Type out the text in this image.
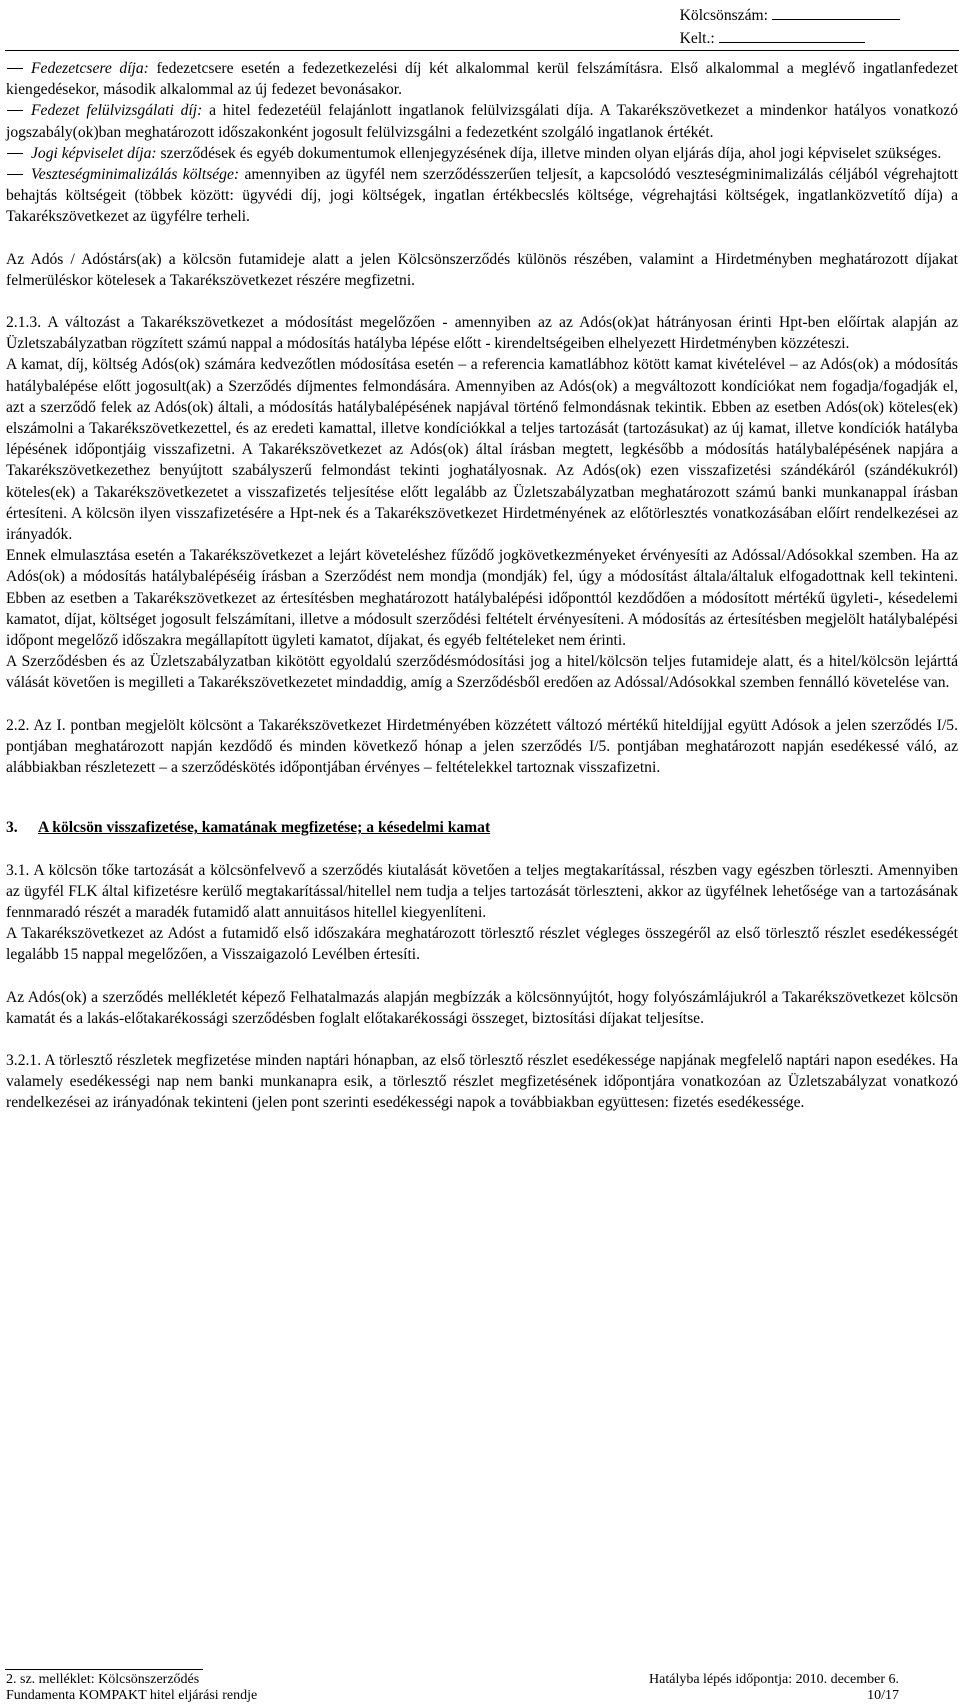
Kölcsönszám:
Kelt.:

Fedezetcsere díja: fedezetcsere esetén a fedezetkezelési díj két alkalommal kerül felszámításra. Első alkalommal a meglévő ingatlanfedezet kiengedésekor, második alkalommal az új fedezet bevonásakor.

Fedezet felülvizsgálati díj: a hitel fedezetéül felajánlott ingatlanok felülvizsgálati díja. A Takarékszövetkezet a mindenkor hatályos vonatkozó jogszabály(ok)ban meghatározott időszakonként jogosult felülvizsgálni a fedezetként szolgáló ingatlanok értékét.

Jogi képviselet díja: szerződések és egyéb dokumentumok ellenjegyzésének díja, illetve minden olyan eljárás díja, ahol jogi képviselet szükséges.

Veszteségminimalizálás költsége: amennyiben az ügyfél nem szerződésszerűen teljesít, a kapcsolódó veszteségminimalizálás céljából végrehajtott behajtás költségeit (többek között: ügyvédi díj, jogi költségek, ingatlan értékbecslés költsége, végrehajtási költségek, ingatlanközvetítő díja) a Takarékszövetkezet az ügyfélre terheli.

Az Adós / Adóstárs(ak) a kölcsön futamideje alatt a jelen Kölcsönszerződés különös részében, valamint a Hirdetményben meghatározott díjakat felmerüléskor kötelesek a Takarékszövetkezet részére megfizetni.

2.1.3. A változást a Takarékszövetkezet a módosítást megelőzően - amennyiben az az Adós(ok)at hátrányosan érinti Hpt-ben előírtak alapján az Üzletszabályzatban rögzített számú nappal a módosítás hatályba lépése előtt - kirendeltségeiben elhelyezett Hirdetményben közzéteszi.

A kamat, díj, költség Adós(ok) számára kedvezőtlen módosítása esetén – a referencia kamatlábhoz kötött kamat kivételével – az Adós(ok) a módosítás hatálybalépése előtt jogosult(ak) a Szerződés díjmentes felmondására. Amennyiben az Adós(ok) a megváltozott kondíciókat nem fogadja/fogadják el, azt a szerződő felek az Adós(ok) általi, a módosítás hatálybalépésének napjával történő felmondásnak tekintik. Ebben az esetben Adós(ok) köteles(ek) elszámolni a Takarékszövetkezettel, és az eredeti kamattal, illetve kondíciókkal a teljes tartozását (tartozásukat) az új kamat, illetve kondíciók hatályba lépésének időpontjáig visszafizetni. A Takarékszövetkezet az Adós(ok) által írásban megtett, legkésőbb a módosítás hatálybalépésének napjára a Takarékszövetkezethez benyújtott szabályszerű felmondást tekinti joghatályosnak. Az Adós(ok) ezen visszafizetési szándékáról (szándékukról) köteles(ek) a Takarékszövetkezetet a visszafizetés teljesítése előtt legalább az Üzletszabályzatban meghatározott számú banki munkanappal írásban értesíteni. A kölcsön ilyen visszafizetésére a Hpt-nek és a Takarékszövetkezet Hirdetményének az előtörlesztés vonatkozásában előírt rendelkezései az irányadók.

Ennek elmulasztása esetén a Takarékszövetkezet a lejárt követeléshez fűződő jogkövetkezményeket érvényesíti az Adóssal/Adósokkal szemben. Ha az Adós(ok) a módosítás hatálybalépéséig írásban a Szerződést nem mondja (mondják) fel, úgy a módosítást általa/általuk elfogadottnak kell tekinteni. Ebben az esetben a Takarékszövetkezet az értesítésben meghatározott hatálybalépési időponttól kezdődően a módosított mértékű ügyleti-, késedelemi kamatot, díjat, költséget jogosult felszámítani, illetve a módosult szerződési feltételt érvényesíteni. A módosítás az értesítésben megjelölt hatálybalépési időpont megelőző időszakra megállapított ügyleti kamatot, díjakat, és egyéb feltételeket nem érinti.

A Szerződésben és az Üzletszabályzatban kikötött egyoldalú szerződésmódosítási jog a hitel/kölcsön teljes futamideje alatt, és a hitel/kölcsön lejárttá válását követően is megilleti a Takarékszövetkezetet mindaddig, amíg a Szerződésből eredően az Adóssal/Adósokkal szemben fennálló követelése van.

2.2. Az I. pontban megjelölt kölcsönt a Takarékszövetkezet Hirdetményében közzétett változó mértékű hiteldíjjal együtt Adósok a jelen szerződés I/5. pontjában meghatározott napján kezdődő és minden következő hónap a jelen szerződés I/5. pontjában meghatározott napján esedékessé váló, az alábbiakban részletezett – a szerződéskötés időpontjában érvényes – feltételekkel tartoznak visszafizetni.

3. A kölcsön visszafizetése, kamatának megfizetése; a késedelmi kamat

3.1. A kölcsön tőke tartozását a kölcsönfelvevő a szerződés kiutalását követően a teljes megtakarítással, részben vagy egészben törleszti. Amennyiben az ügyfél FLK által kifizetésre kerülő megtakarítással/hitellel nem tudja a teljes tartozását törleszteni, akkor az ügyfélnek lehetősége van a tartozásának fennmaradó részét a maradék futamidő alatt annuitásos hitellel kiegyenlíteni.

A Takarékszövetkezet az Adóst a futamidő első időszakára meghatározott törlesztő részlet végleges összegéről az első törlesztő részlet esedékességét legalább 15 nappal megelőzően, a Visszaigazoló Levélben értesíti.

Az Adós(ok) a szerződés mellékletét képező Felhatalmazás alapján megbízzák a kölcsönnyújtót, hogy folyószámlájukról a Takarékszövetkezet kölcsön kamatát és a lakás-előtakarékossági szerződésben foglalt előtakarékossági összeget, biztosítási díjakat teljesítse.

3.2.1. A törlesztő részletek megfizetése minden naptári hónapban, az első törlesztő részlet esedékessége napjának megfelelő naptári napon esedékes. Ha valamely esedékességi nap nem banki munkanapra esik, a törlesztő részlet megfizetésének időpontjára vonatkozóan az Üzletszabályzat vonatkozó rendelkezései az irányadónak tekinteni (jelen pont szerinti esedékességi napok a továbbiakban együttesen: fizetés esedékessége.

2. sz. melléklet: Kölcsönszerződés	Hatályba lépés időpontja: 2010. december 6.
Fundamenta KOMPAKT hitel eljárási rendje	10/17
